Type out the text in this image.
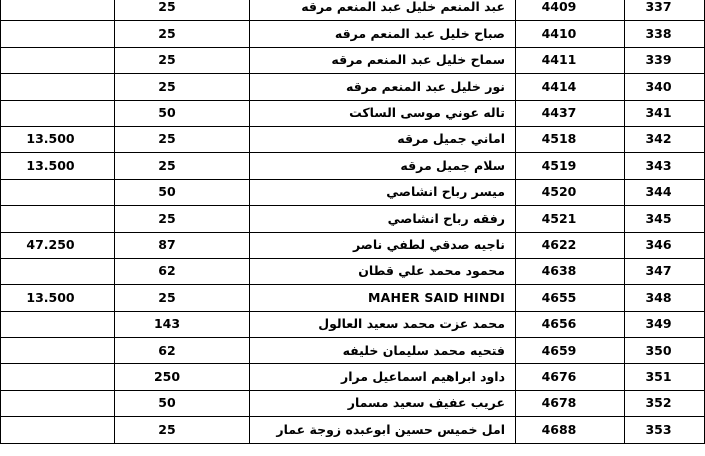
	25	عبد المنعم خليل عبد المنعم مرقه	4409	337
	25	صباح خليل عبد المنعم مرقه	4410	338
	25	سماح خليل عبد المنعم مرقه	4411	339
	25	نور خليل عبد المنعم مرقه	4414	340
	50	تاله عوني موسى الساكت	4437	341
13.500	25	اماني جميل مرقه	4518	342
13.500	25	سلام جميل مرقه	4519	343
	50	ميسر رباح انشاصي	4520	344
	25	رفقه رباح انشاصي	4521	345
47.250	87	ناجيه صدقي لطفي ناصر	4622	346
	62	محمود محمد علي قطان	4638	347
13.500	25	MAHER SAID HINDI	4655	348
	143	محمد عزت محمد سعيد العالول	4656	349
	62	فتحيه محمد سليمان خليفه	4659	350
	250	داود ابراهيم اسماعيل مرار	4676	351
	50	عريب عفيف سعيد مسمار	4678	352
	25	امل خميس حسين ابوعبده زوجة عمار	4688	353
